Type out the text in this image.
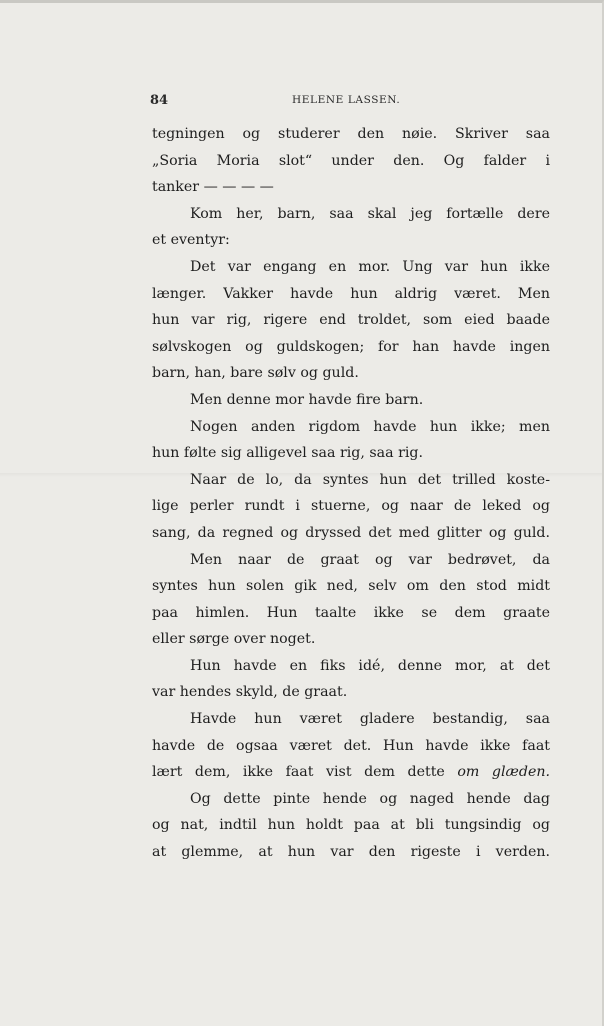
84	HELENE LASSEN.
tegningen og studerer den nøie. Skriver saa
„Soria Moria slot“ under den. Og falder i
tanker — — — —
Kom her, barn, saa skal jeg fortælle dere
et eventyr:
Det var engang en mor. Ung var hun ikke
længer. Vakker havde hun aldrig været. Men
hun var rig, rigere end troldet, som eied baade
sølvskogen og guldskogen; for han havde ingen
barn, han, bare sølv og guld.
Men denne mor havde fire barn.
Nogen anden rigdom havde hun ikke; men
hun følte sig alligevel saa rig, saa rig.
Naar de lo, da syntes hun det trilled koste-
lige perler rundt i stuerne, og naar de leked og
sang, da regned og dryssed det med glitter og guld.
Men naar de graat og var bedrøvet, da
syntes hun solen gik ned, selv om den stod midt
paa himlen. Hun taalte ikke se dem graate
eller sørge over noget.
Hun havde en fiks idé, denne mor, at det
var hendes skyld, de graat.
Havde hun været gladere bestandig, saa
havde de ogsaa været det. Hun havde ikke faat
lært dem, ikke faat vist dem dette om glæden.
Og dette pinte hende og naged hende dag
og nat, indtil hun holdt paa at bli tungsindig og
at glemme, at hun var den rigeste i verden.
